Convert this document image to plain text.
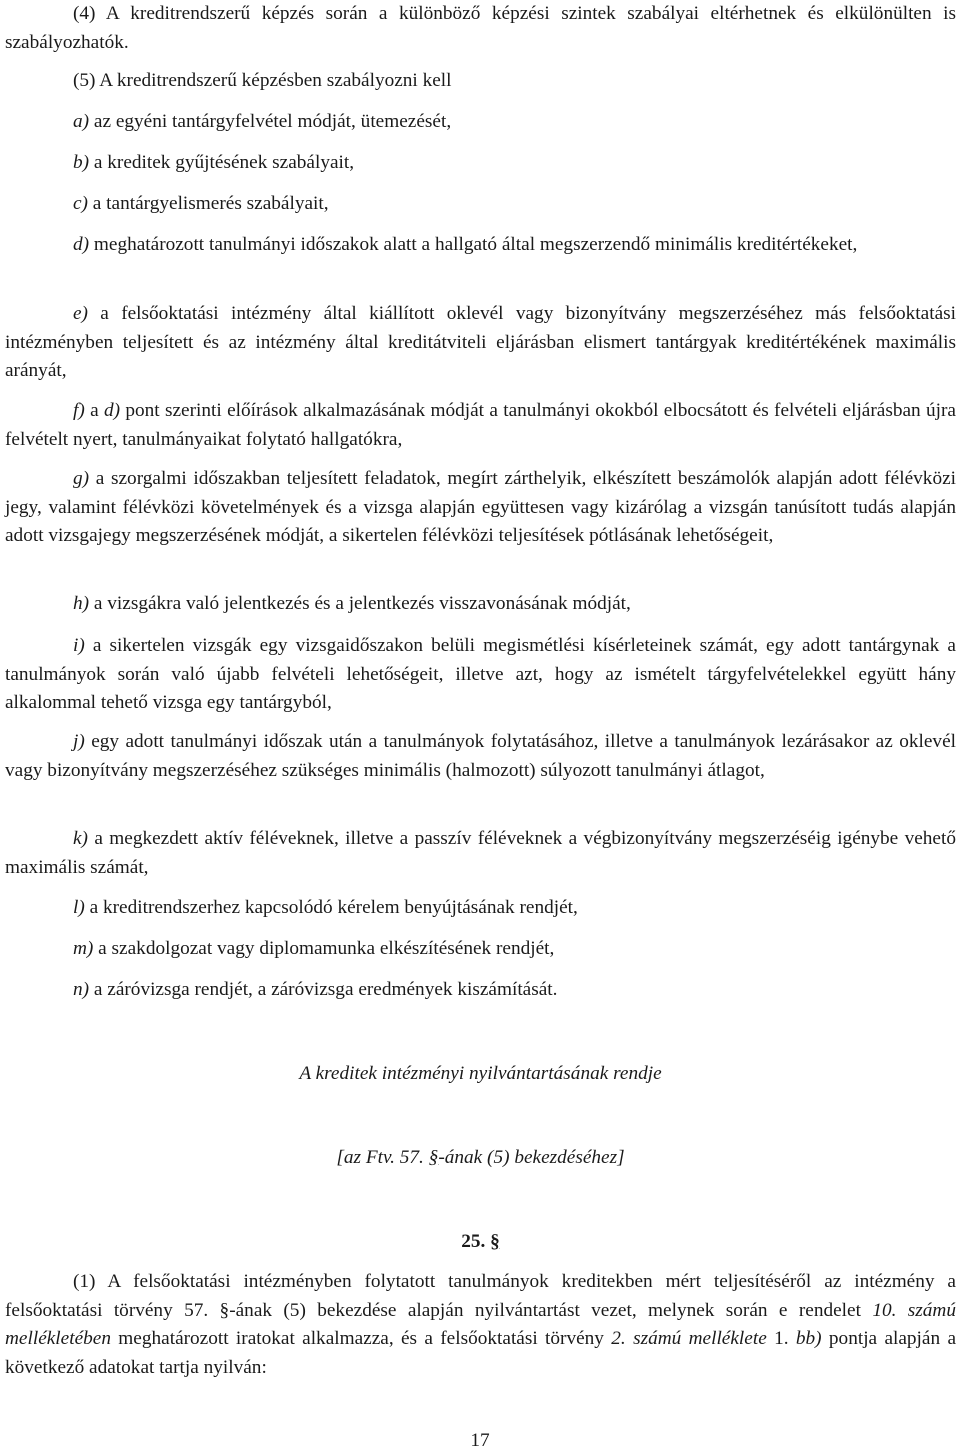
(4) A kreditrendszerű képzés során a különböző képzési szintek szabályai eltérhetnek és elkülönülten is szabályozhatók.

(5) A kreditrendszerű képzésben szabályozni kell

a) az egyéni tantárgyfelvétel módját, ütemezését,

b) a kreditek gyűjtésének szabályait,

c) a tantárgyelismerés szabályait,

d) meghatározott tanulmányi időszakok alatt a hallgató által megszerzendő minimális kreditértékeket,

e) a felsőoktatási intézmény által kiállított oklevél vagy bizonyítvány megszerzéséhez más felsőoktatási intézményben teljesített és az intézmény által kreditátviteli eljárásban elismert tantárgyak kreditértékének maximális arányát,

f) a d) pont szerinti előírások alkalmazásának módját a tanulmányi okokból elbocsátott és felvételi eljárásban újra felvételt nyert, tanulmányaikat folytató hallgatókra,

g) a szorgalmi időszakban teljesített feladatok, megírt zárthelyik, elkészített beszámolók alapján adott félévközi jegy, valamint félévközi követelmények és a vizsga alapján együttesen vagy kizárólag a vizsgán tanúsított tudás alapján adott vizsgajegy megszerzésének módját, a sikertelen félévközi teljesítések pótlásának lehetőségeit,

h) a vizsgákra való jelentkezés és a jelentkezés visszavonásának módját,

i) a sikertelen vizsgák egy vizsgaidőszakon belüli megismétlési kísérleteinek számát, egy adott tantárgynak a tanulmányok során való újabb felvételi lehetőségeit, illetve azt, hogy az ismételt tárgyfelvételekkel együtt hány alkalommal tehető vizsga egy tantárgyból,

j) egy adott tanulmányi időszak után a tanulmányok folytatásához, illetve a tanulmányok lezárásakor az oklevél vagy bizonyítvány megszerzéséhez szükséges minimális (halmozott) súlyozott tanulmányi átlagot,

k) a megkezdett aktív féléveknek, illetve a passzív féléveknek a végbizonyítvány megszerzéséig igénybe vehető maximális számát,

l) a kreditrendszerhez kapcsolódó kérelem benyújtásának rendjét,

m) a szakdolgozat vagy diplomamunka elkészítésének rendjét,

n) a záróvizsga rendjét, a záróvizsga eredmények kiszámítását.

A kreditek intézményi nyilvántartásának rendje

[az Ftv. 57. §-ának (5) bekezdéséhez]

25. §

(1) A felsőoktatási intézményben folytatott tanulmányok kreditekben mért teljesítéséről az intézmény a felsőoktatási törvény 57. §-ának (5) bekezdése alapján nyilvántartást vezet, melynek során e rendelet 10. számú mellékletében meghatározott iratokat alkalmazza, és a felsőoktatási törvény 2. számú melléklete 1. bb) pontja alapján a következő adatokat tartja nyilván:

17
